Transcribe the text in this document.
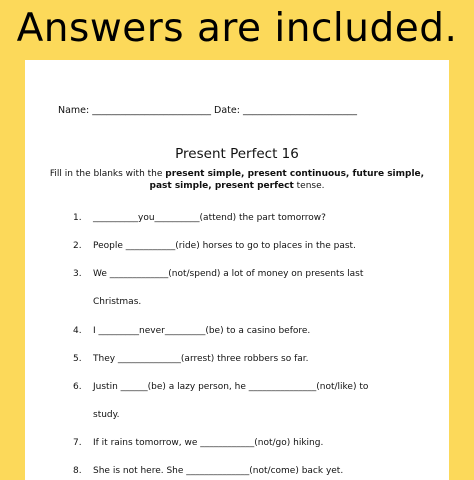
Answers are included.
Name: _________________________ Date: ________________________
Present Perfect 16
Fill in the blanks with the present simple, present continuous, future simple, past simple, present perfect tense.
1. __________you__________(attend) the part tomorrow?
2. People ___________(ride) horses to go to places in the past.
3. We _____________(not/spend) a lot of money on presents last
Christmas.
4. I _________never_________(be) to a casino before.
5. They ______________(arrest) three robbers so far.
6. Justin ______(be) a lazy person, he _______________(not/like) to
study.
7. If it rains tomorrow, we ____________(not/go) hiking.
8. She is not here. She ______________(not/come) back yet.
